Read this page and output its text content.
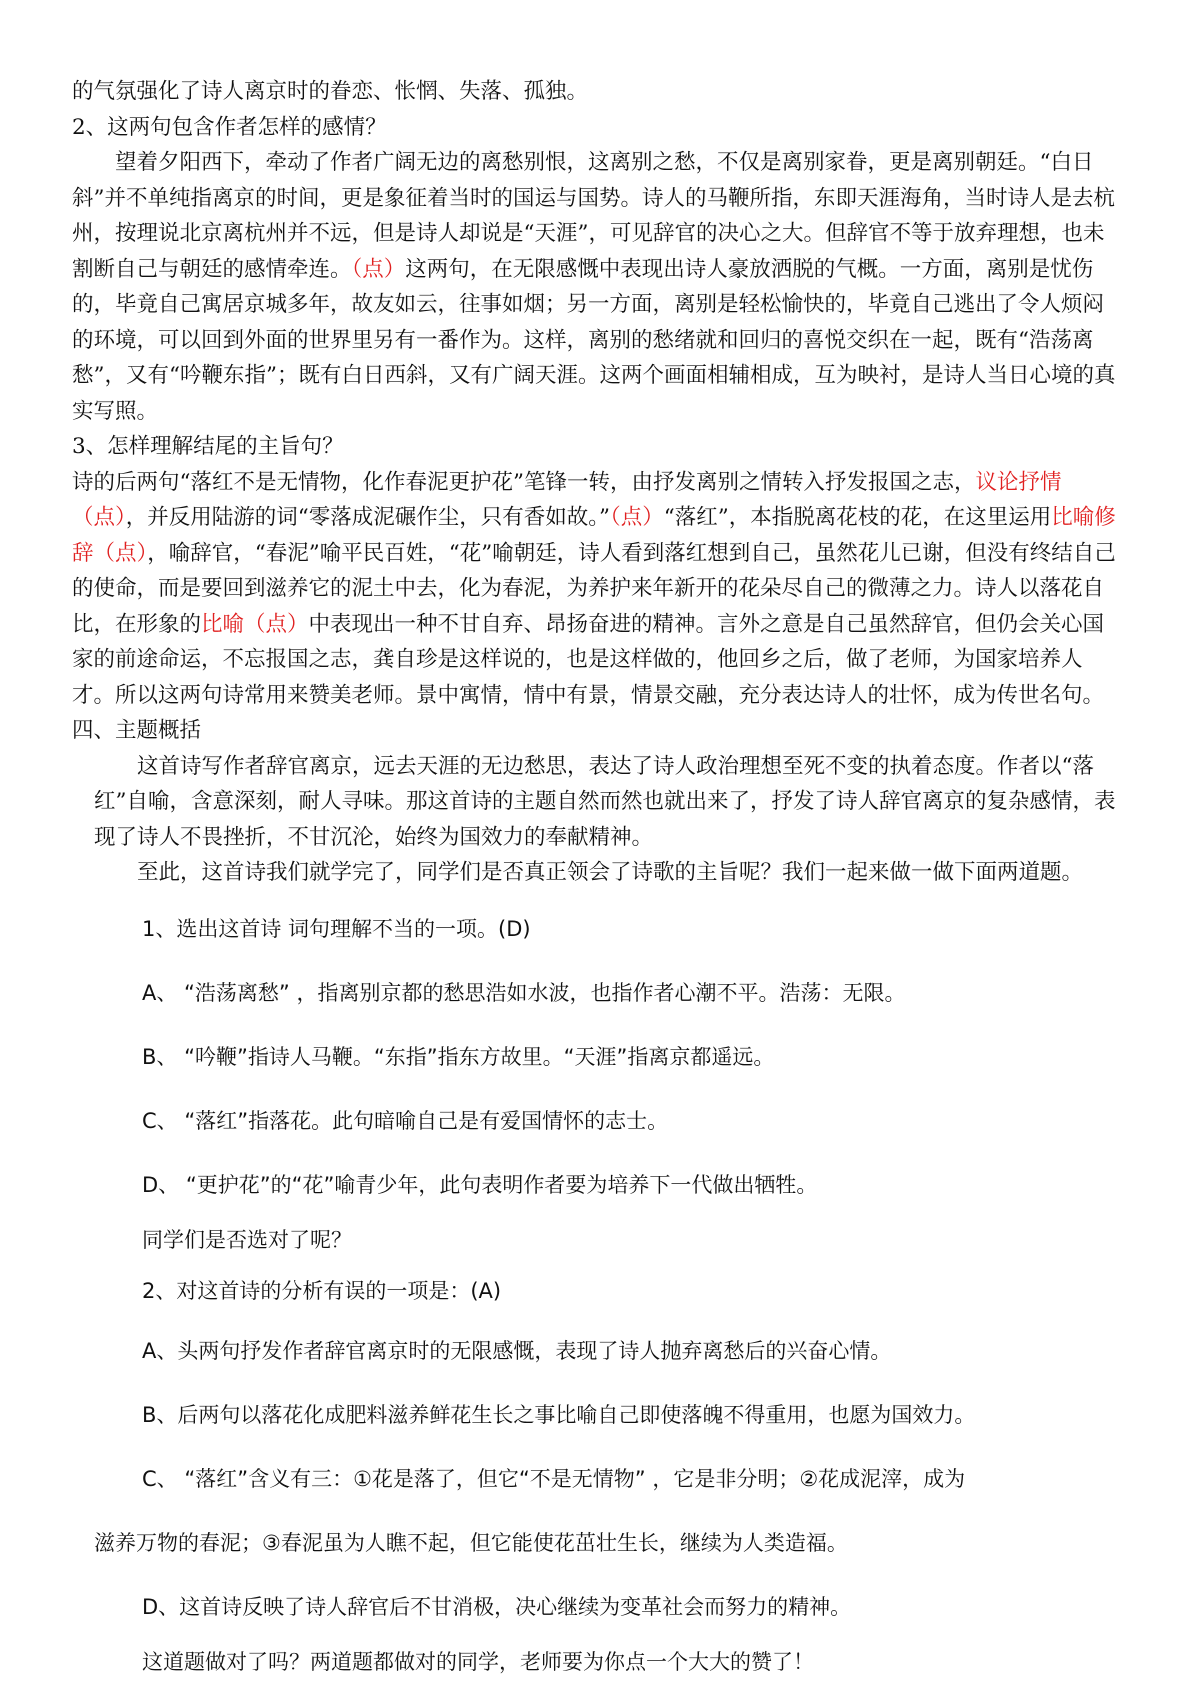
的气氛强化了诗人离京时的眷恋、怅惘、失落、孤独。

2、这两句包含作者怎样的感情？

望着夕阳西下，牵动了作者广阔无边的离愁别恨，这离别之愁，不仅是离别家眷，更是离别朝廷。“白日斜”并不单纯指离京的时间，更是象征着当时的国运与国势。诗人的马鞭所指，东即天涯海角，当时诗人是去杭州，按理说北京离杭州并不远，但是诗人却说是“天涯”，可见辞官的决心之大。但辞官不等于放弃理想，也未割断自己与朝廷的感情牵连。（点）这两句，在无限感慨中表现出诗人豪放洒脱的气概。一方面，离别是忧伤的，毕竟自己寓居京城多年，故友如云，往事如烟；另一方面，离别是轻松愉快的，毕竟自己逃出了令人烦闷的环境，可以回到外面的世界里另有一番作为。这样，离别的愁绪就和回归的喜悦交织在一起，既有“浩荡离愁”，又有“吟鞭东指”；既有白日西斜，又有广阔天涯。这两个画面相辅相成，互为映衬，是诗人当日心境的真实写照。

3、怎样理解结尾的主旨句？

诗的后两句“落红不是无情物，化作春泥更护花”笔锋一转，由抒发离别之情转入抒发报国之志，议论抒情（点），并反用陆游的词“零落成泥碾作尘，只有香如故。”（点）“落红”，本指脱离花枝的花，在这里运用比喻修辞（点），喻辞官，“春泥”喻平民百姓，“花”喻朝廷，诗人看到落红想到自己，虽然花儿已谢，但没有终结自己的使命，而是要回到滋养它的泥土中去，化为春泥，为养护来年新开的花朵尽自己的微薄之力。诗人以落花自比，在形象的比喻（点）中表现出一种不甘自弃、昂扬奋进的精神。言外之意是自己虽然辞官，但仍会关心国家的前途命运，不忘报国之志，龚自珍是这样说的，也是这样做的，他回乡之后，做了老师，为国家培养人才。所以这两句诗常用来赞美老师。景中寓情，情中有景，情景交融，充分表达诗人的壮怀，成为传世名句。

四、主题概括

这首诗写作者辞官离京，远去天涯的无边愁思，表达了诗人政治理想至死不变的执着态度。作者以“落红”自喻，含意深刻，耐人寻味。那这首诗的主题自然而然也就出来了，抒发了诗人辞官离京的复杂感情，表现了诗人不畏挫折，不甘沉沦，始终为国效力的奉献精神。

至此，这首诗我们就学完了，同学们是否真正领会了诗歌的主旨呢？我们一起来做一做下面两道题。

1、选出这首诗 词句理解不当的一项。(D)
A、 “浩荡离愁” ，指离别京都的愁思浩如水波，也指作者心潮不平。浩荡：无限。
B、 “吟鞭”指诗人马鞭。“东指”指东方故里。“天涯”指离京都遥远。
C、 “落红”指落花。此句暗喻自己是有爱国情怀的志士。
D、 “更护花”的“花”喻青少年，此句表明作者要为培养下一代做出牺牲。
同学们是否选对了呢？
2、对这首诗的分析有误的一项是：(A)
A、头两句抒发作者辞官离京时的无限感慨，表现了诗人抛弃离愁后的兴奋心情。
B、后两句以落花化成肥料滋养鲜花生长之事比喻自己即使落魄不得重用，也愿为国效力。
C、 “落红”含义有三：①花是落了，但它“不是无情物” ，它是非分明；②花成泥滓，成为
滋养万物的春泥；③春泥虽为人瞧不起，但它能使花茁壮生长，继续为人类造福。
D、这首诗反映了诗人辞官后不甘消极，决心继续为变革社会而努力的精神。
这道题做对了吗？两道题都做对的同学，老师要为你点一个大大的赞了！
